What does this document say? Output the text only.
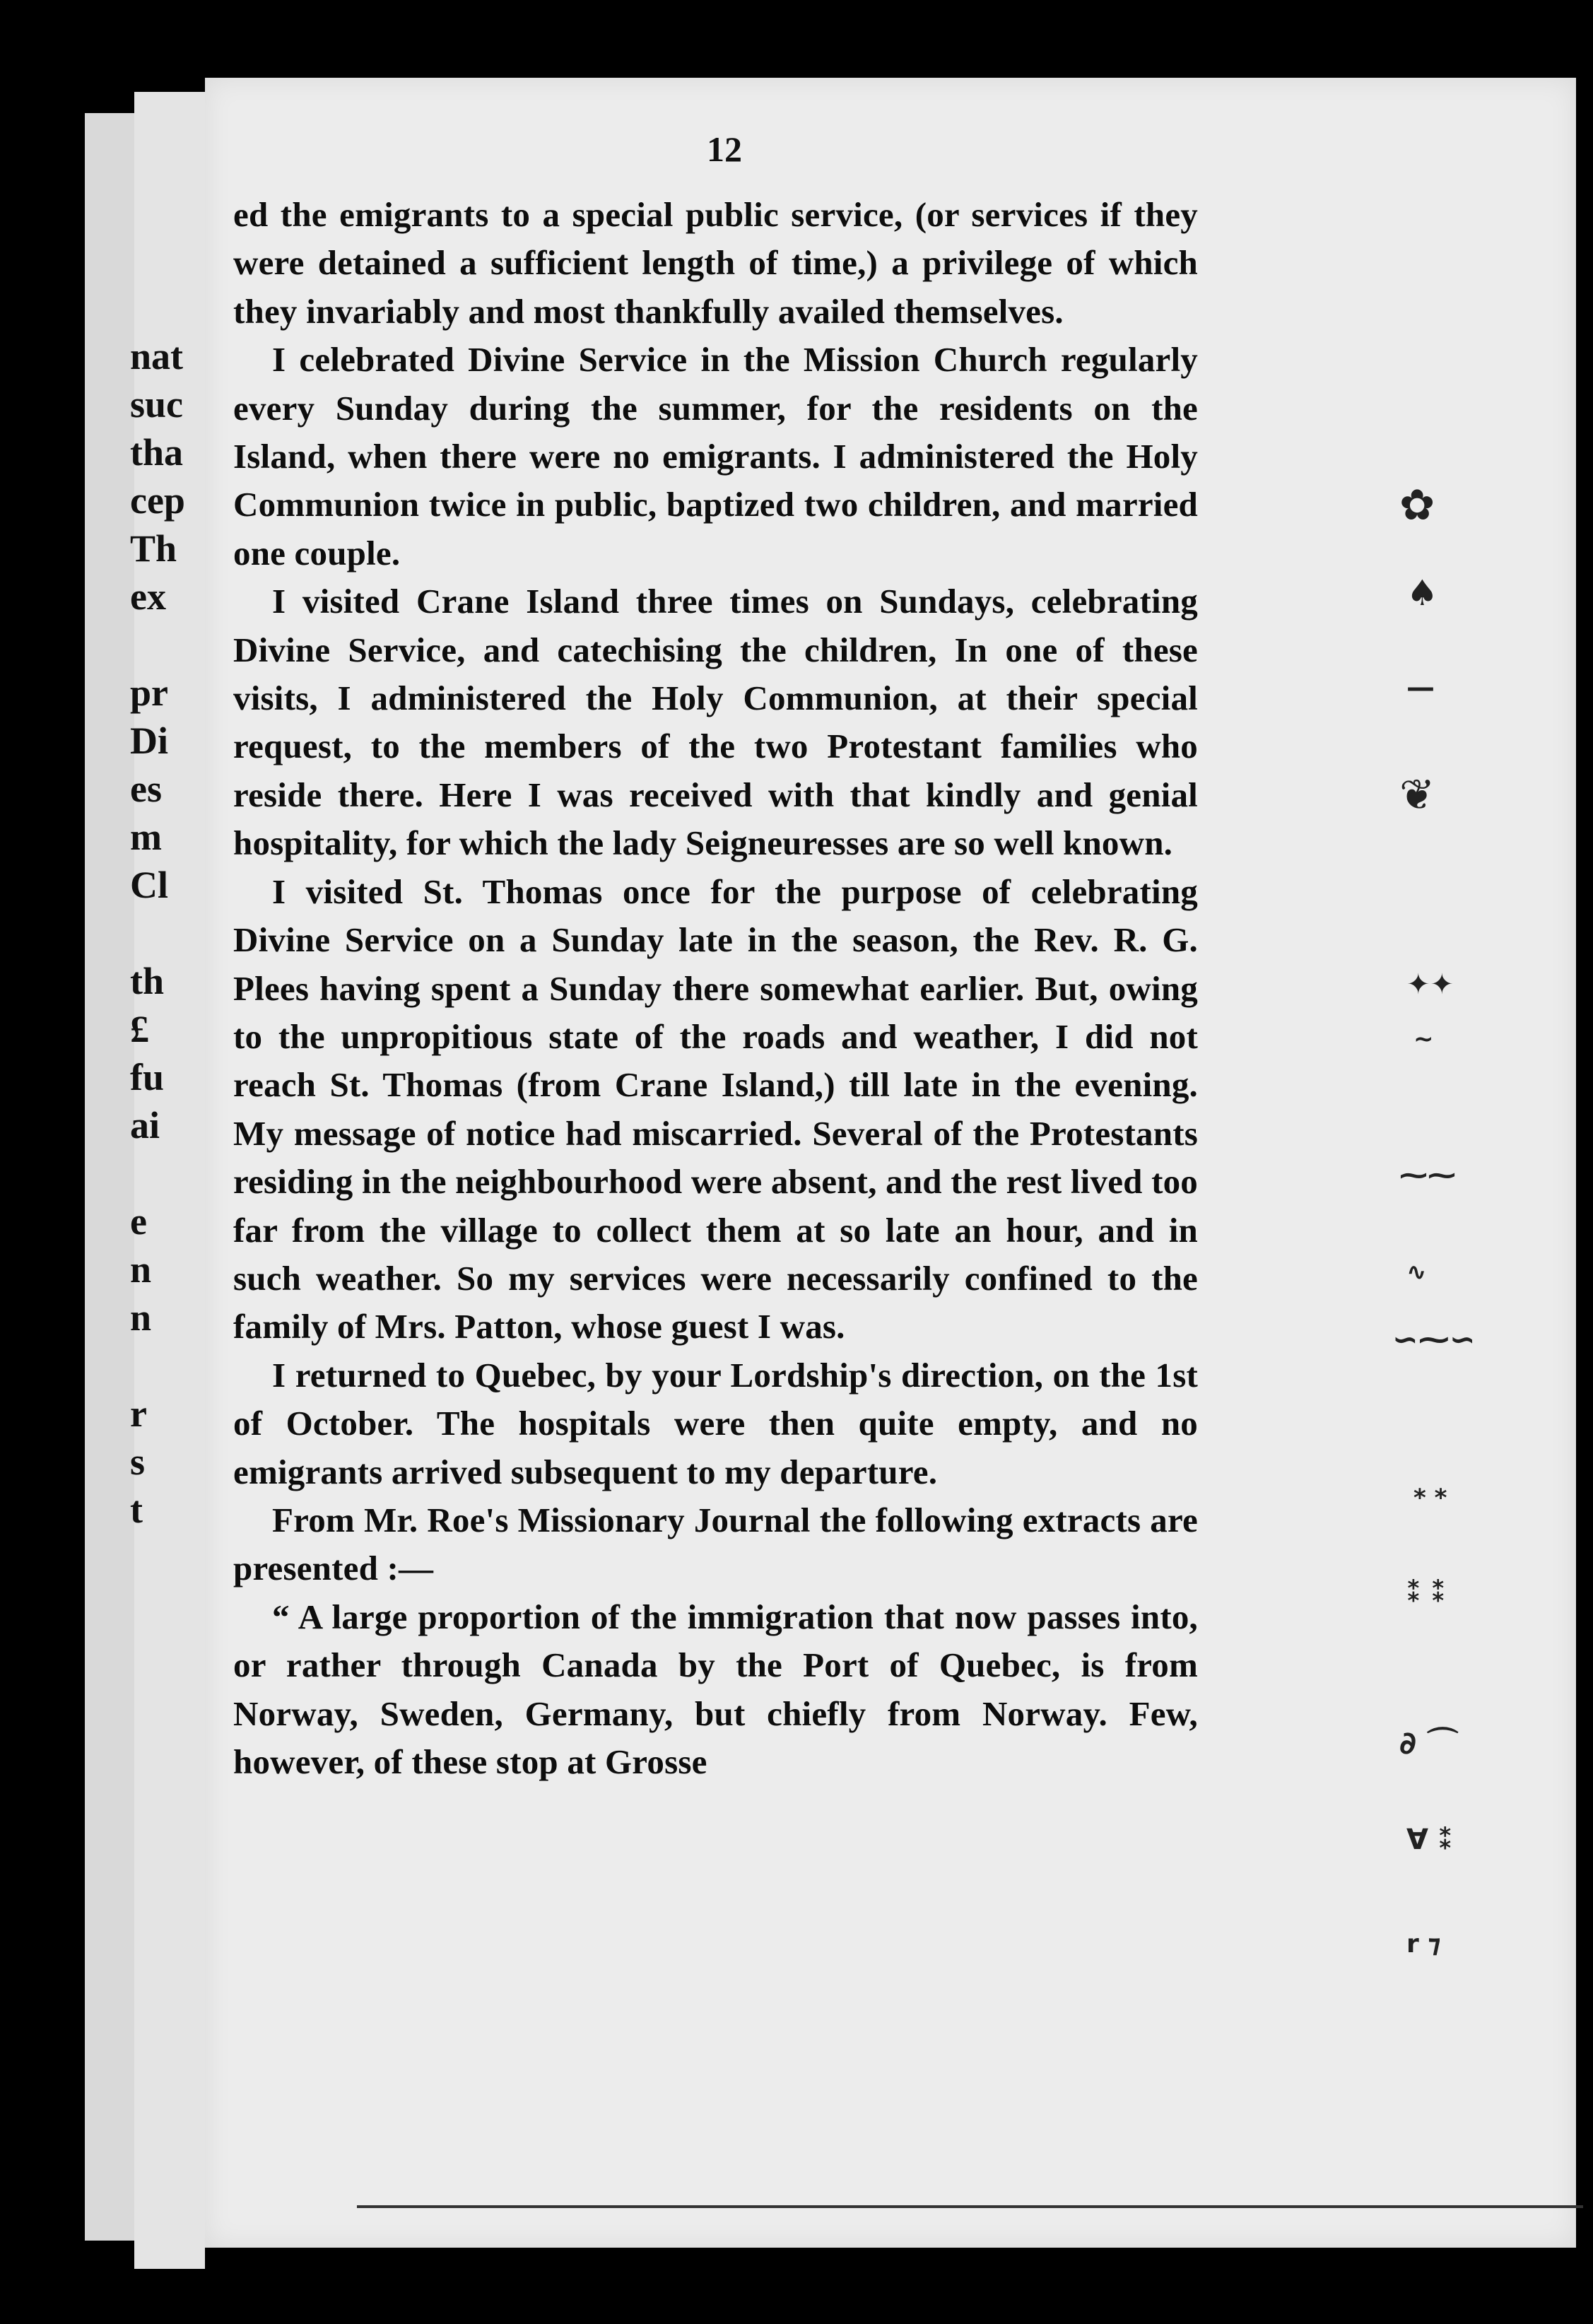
nat
suc
tha
cep
Th
ex
pr
Di
es
m
Cl
th
£
fu
ai
e
n
n
r
s
t
12

ed the emigrants to a special public service, (or services if they were detained a sufficient length of time,) a privilege of which they invariably and most thankfully availed themselves.

I celebrated Divine Service in the Mission Church regularly every Sunday during the summer, for the residents on the Island, when there were no emigrants. I administered the Holy Communion twice in public, baptized two children, and married one couple.

I visited Crane Island three times on Sundays, celebrating Divine Service, and catechising the children, In one of these visits, I administered the Holy Communion, at their special request, to the members of the two Protestant families who reside there. Here I was received with that kindly and genial hospitality, for which the lady Seigneuresses are so well known.

I visited St. Thomas once for the purpose of celebrating Divine Service on a Sunday late in the season, the Rev. R. G. Plees having spent a Sunday there somewhat earlier. But, owing to the unpropitious state of the roads and weather, I did not reach St. Thomas (from Crane Island,) till late in the evening. My message of notice had miscarried. Several of the Protestants residing in the neighbourhood were absent, and the rest lived too far from the village to collect them at so late an hour, and in such weather. So my services were necessarily confined to the family of Mrs. Patton, whose guest I was.

I returned to Quebec, by your Lordship's direction, on the 1st of October. The hospitals were then quite empty, and no emigrants arrived subsequent to my departure.

From Mr. Roe's Missionary Journal the following extracts are presented :—

“ A large proportion of the immigration that now passes into, or rather through Canada by the Port of Quebec, is from Norway, Sweden, Germany, but chiefly from Norway. Few, however, of these stop at Grosse

✿
♠
—
❦
✦✦
~
⁓⁓
∿
∽⁓∽
⁎ ⁎
⁑ ⁑
∂ ⌒
∀ ⁑
r ⁊
